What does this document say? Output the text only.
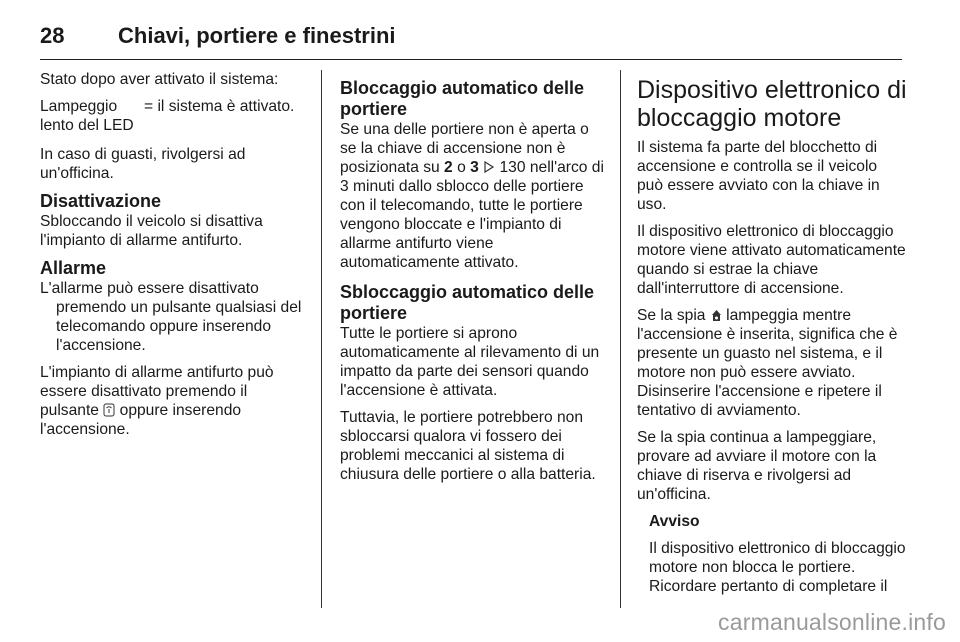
28	Chiavi, portiere e finestrini

Stato dopo aver attivato il sistema:

Lampeggio lento del LED
= il sistema è attivato.

In caso di guasti, rivolgersi ad un'officina.

Disattivazione

Sbloccando il veicolo si disattiva l'impianto di allarme antifurto.

Allarme

L'allarme può essere disattivato premendo un pulsante qualsiasi del telecomando oppure inserendo l'accensione.

L'impianto di allarme antifurto può essere disattivato premendo il pulsante oppure inserendo l'accensione.

Bloccaggio automatico delle portiere

Se una delle portiere non è aperta o se la chiave di accensione non è posizionata su 2 o 3 130 nell'arco di 3 minuti dallo sblocco delle portiere con il telecomando, tutte le portiere vengono bloccate e l'impianto di allarme antifurto viene automaticamente attivato.

Sbloccaggio automatico delle portiere

Tutte le portiere si aprono automaticamente al rilevamento di un impatto da parte dei sensori quando l'accensione è attivata.

Tuttavia, le portiere potrebbero non sbloccarsi qualora vi fossero dei problemi meccanici al sistema di chiusura delle portiere o alla batteria.

Dispositivo elettronico di bloccaggio motore

Il sistema fa parte del blocchetto di accensione e controlla se il veicolo può essere avviato con la chiave in uso.

Il dispositivo elettronico di bloccaggio motore viene attivato automaticamente quando si estrae la chiave dall'interruttore di accensione.

Se la spia lampeggia mentre l'accensione è inserita, significa che è presente un guasto nel sistema, e il motore non può essere avviato. Disinserire l'accensione e ripetere il tentativo di avviamento.

Se la spia continua a lampeggiare, provare ad avviare il motore con la chiave di riserva e rivolgersi ad un'officina.

Avviso

Il dispositivo elettronico di bloccaggio motore non blocca le portiere. Ricordare pertanto di completare il

carmanualsonline.info
